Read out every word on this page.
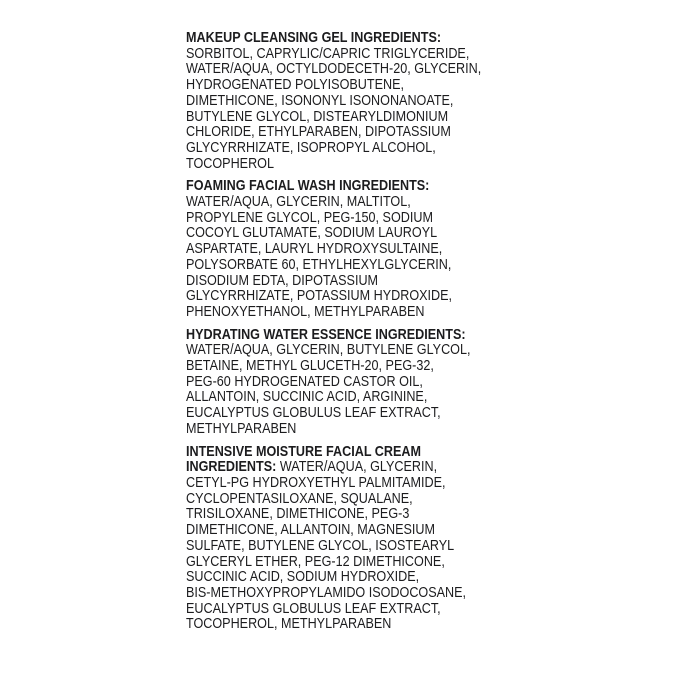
MAKEUP CLEANSING GEL INGREDIENTS:
SORBITOL, CAPRYLIC/CAPRIC TRIGLYCERIDE,
WATER/AQUA, OCTYLDODECETH-20, GLYCERIN,
HYDROGENATED POLYISOBUTENE,
DIMETHICONE, ISONONYL ISONONANOATE,
BUTYLENE GLYCOL, DISTEARYLDIMONIUM
CHLORIDE, ETHYLPARABEN, DIPOTASSIUM
GLYCYRRHIZATE, ISOPROPYL ALCOHOL,
TOCOPHEROL
FOAMING FACIAL WASH INGREDIENTS:
WATER/AQUA, GLYCERIN, MALTITOL,
PROPYLENE GLYCOL, PEG-150, SODIUM
COCOYL GLUTAMATE, SODIUM LAUROYL
ASPARTATE, LAURYL HYDROXYSULTAINE,
POLYSORBATE 60, ETHYLHEXYLGLYCERIN,
DISODIUM EDTA, DIPOTASSIUM
GLYCYRRHIZATE, POTASSIUM HYDROXIDE,
PHENOXYETHANOL, METHYLPARABEN
HYDRATING WATER ESSENCE INGREDIENTS:
WATER/AQUA, GLYCERIN, BUTYLENE GLYCOL,
BETAINE, METHYL GLUCETH-20, PEG-32,
PEG-60 HYDROGENATED CASTOR OIL,
ALLANTOIN, SUCCINIC ACID, ARGININE,
EUCALYPTUS GLOBULUS LEAF EXTRACT,
METHYLPARABEN
INTENSIVE MOISTURE FACIAL CREAM
INGREDIENTS: WATER/AQUA, GLYCERIN,
CETYL-PG HYDROXYETHYL PALMITAMIDE,
CYCLOPENTASILOXANE, SQUALANE,
TRISILOXANE, DIMETHICONE, PEG-3
DIMETHICONE, ALLANTOIN, MAGNESIUM
SULFATE, BUTYLENE GLYCOL, ISOSTEARYL
GLYCERYL ETHER, PEG-12 DIMETHICONE,
SUCCINIC ACID, SODIUM HYDROXIDE,
BIS-METHOXYPROPYLAMIDO ISODOCOSANE,
EUCALYPTUS GLOBULUS LEAF EXTRACT,
TOCOPHEROL, METHYLPARABEN
